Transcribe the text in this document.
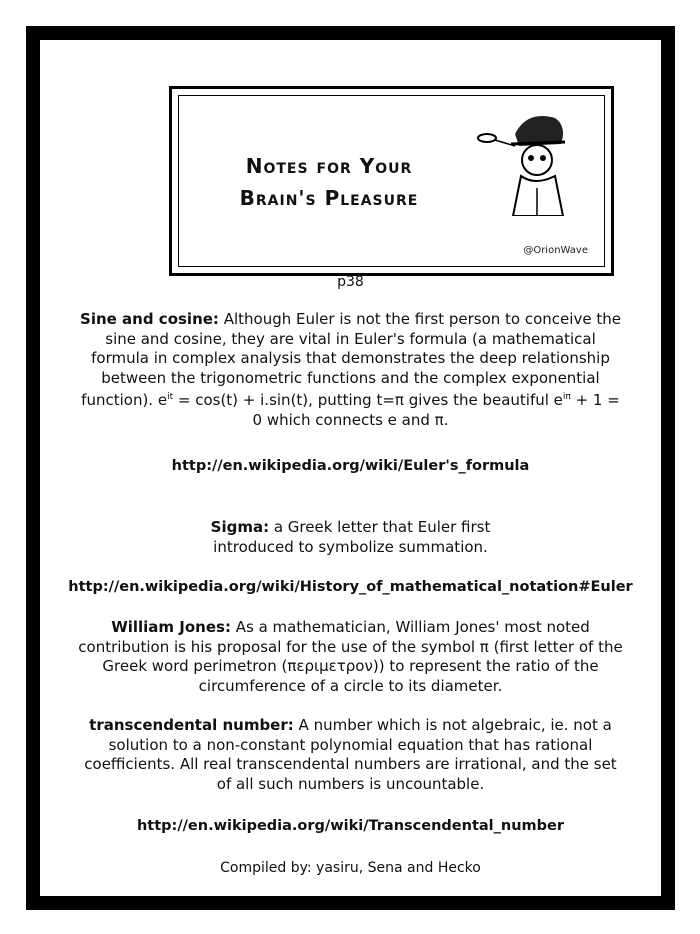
Notes for Your
Brain's Pleasure
@OrionWave
p38
Sine and cosine: Although Euler is not the first person to conceive the sine and cosine, they are vital in Euler's formula (a mathematical formula in complex analysis that demonstrates the deep relationship between the trigonometric functions and the complex exponential function). $e^{it} = \cos(t) + i.\sin(t)$, putting t=π gives the beautiful $e^{i\pi} + 1 = 0$ which connects e and π.
http://en.wikipedia.org/wiki/Euler's_formula
Sigma: a Greek letter that Euler first introduced to symbolize summation.
http://en.wikipedia.org/wiki/History_of_mathematical_notation#Euler
William Jones: As a mathematician, William Jones' most noted contribution is his proposal for the use of the symbol π (first letter of the Greek word perimetron (περιμετρον)) to represent the ratio of the circumference of a circle to its diameter.
transcendental number: A number which is not algebraic, ie. not a solution to a non-constant polynomial equation that has rational coefficients. All real transcendental numbers are irrational, and the set of all such numbers is uncountable.
http://en.wikipedia.org/wiki/Transcendental_number
Compiled by: yasiru, Sena and Hecko
